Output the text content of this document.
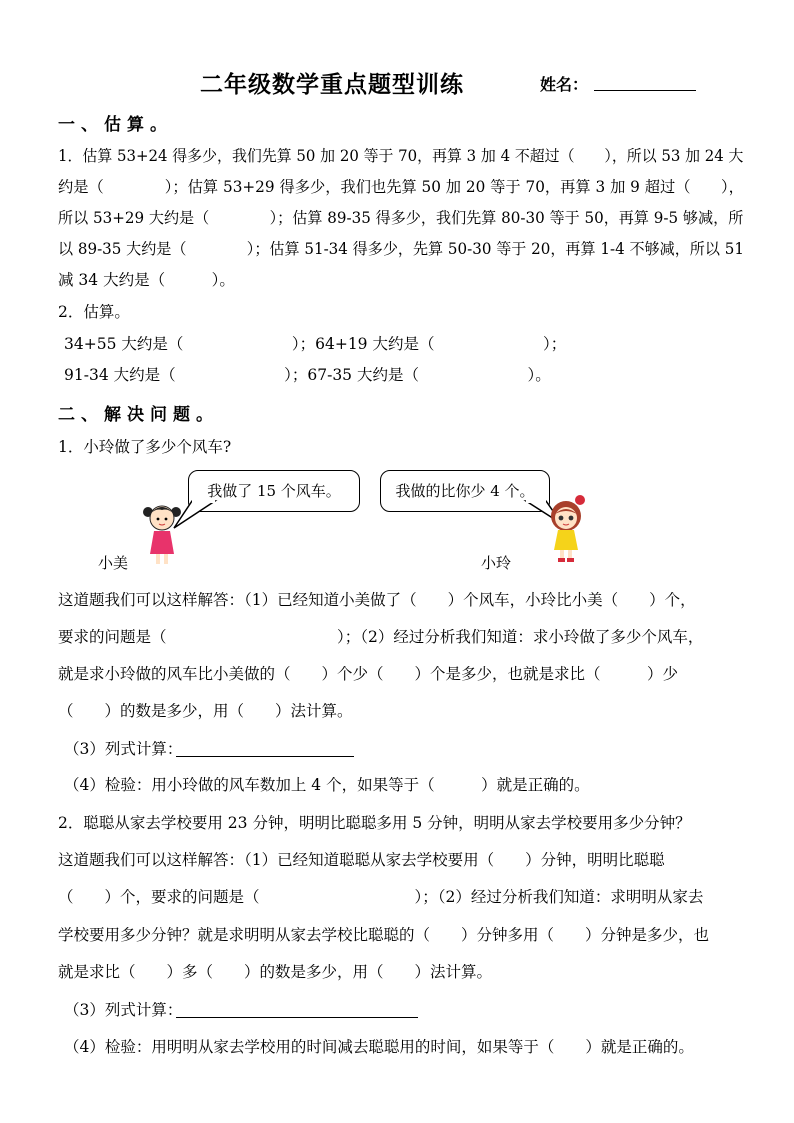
二年级数学重点题型训练	姓名：
一、估算。
1．估算 53+24 得多少，我们先算 50 加 20 等于 70，再算 3 加 4 不超过（　　），所以 53 加 24 大
约是（　　　　）；估算 53+29 得多少，我们也先算 50 加 20 等于 70，再算 3 加 9 超过（　　），
所以 53+29 大约是（　　　　）；估算 89-35 得多少，我们先算 80-30 等于 50，再算 9-5 够减，所
以 89-35 大约是（　　　　）；估算 51-34 得多少，先算 50-30 等于 20，再算 1-4 不够减，所以 51
减 34 大约是（　　　）。
2．估算。
34+55 大约是（　　　　　　　）；64+19 大约是（　　　　　　　）；
91-34 大约是（　　　　　　　）；67-35 大约是（　　　　　　　）。
二、解决问题。
1．小玲做了多少个风车?
我做了 15 个风车。	我做的比你少 4 个。
小美	小玲
这道题我们可以这样解答：（1）已经知道小美做了（　　）个风车，小玲比小美（　　）个，
要求的问题是（　　　　　　　　　　　）；（2）经过分析我们知道：求小玲做了多少个风车，
就是求小玲做的风车比小美做的（　　）个少（　　）个是多少，也就是求比（　　　）少
（　　）的数是多少，用（　　）法计算。
（3）列式计算：
（4）检验：用小玲做的风车数加上 4 个，如果等于（　　　）就是正确的。
2．聪聪从家去学校要用 23 分钟，明明比聪聪多用 5 分钟，明明从家去学校要用多少分钟？
这道题我们可以这样解答：（1）已经知道聪聪从家去学校要用（　　）分钟，明明比聪聪
（　　）个，要求的问题是（　　　　　　　　　　）；（2）经过分析我们知道：求明明从家去
学校要用多少分钟？就是求明明从家去学校比聪聪的（　　）分钟多用（　　）分钟是多少，也
就是求比（　　）多（　　）的数是多少，用（　　）法计算。
（3）列式计算：
（4）检验：用明明从家去学校用的时间减去聪聪用的时间，如果等于（　　）就是正确的。
